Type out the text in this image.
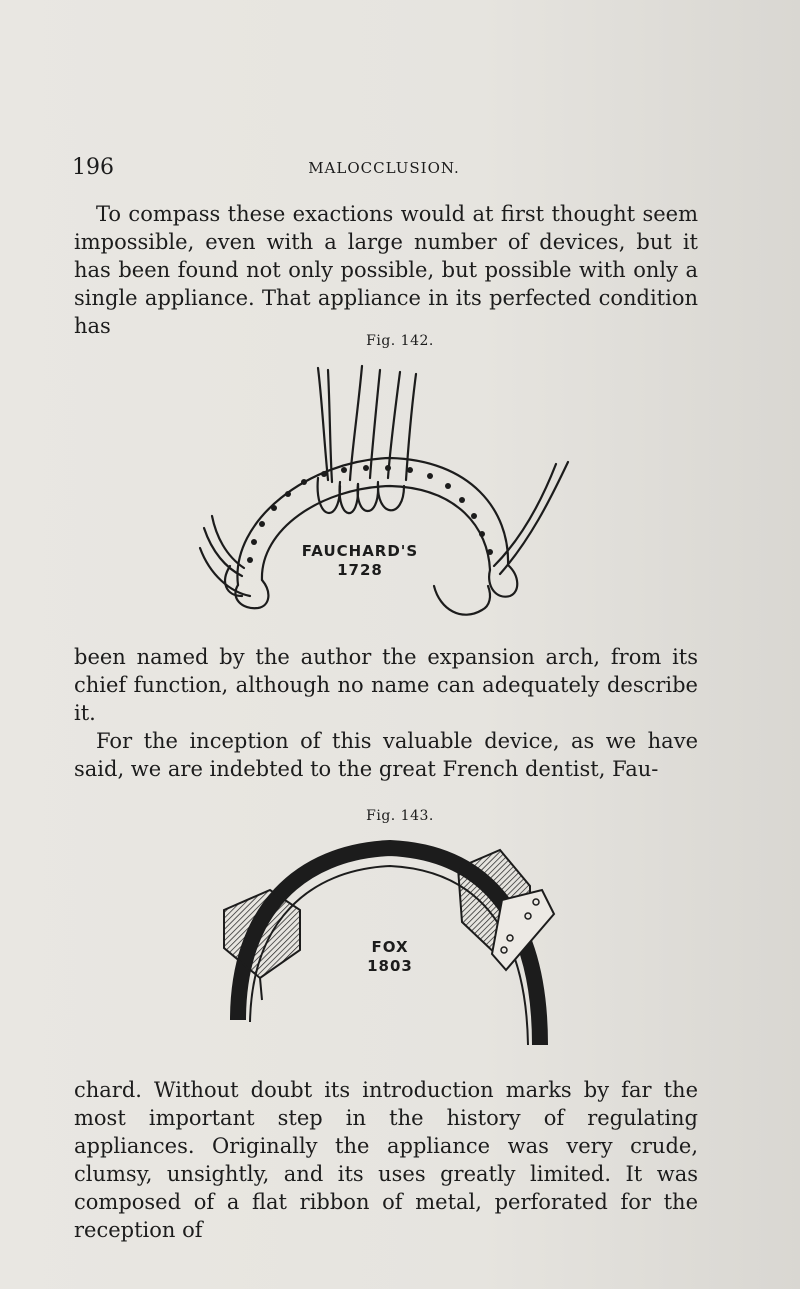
196	MALOCCLUSION.

To compass these exactions would at first thought seem impossible, even with a large number of devices, but it has been found not only possible, but possible with only a single appliance. That appliance in its perfected condition has

Fig. 142.
FAUCHARD'S
1728

been named by the author the expansion arch, from its chief function, although no name can adequately describe it.

For the inception of this valuable device, as we have said, we are indebted to the great French dentist, Fau-

Fig. 143.
FOX
1803

chard. Without doubt its introduction marks by far the most important step in the history of regulating appliances. Originally the appliance was very crude, clumsy, unsightly, and its uses greatly limited. It was composed of a flat ribbon of metal, perforated for the reception of
